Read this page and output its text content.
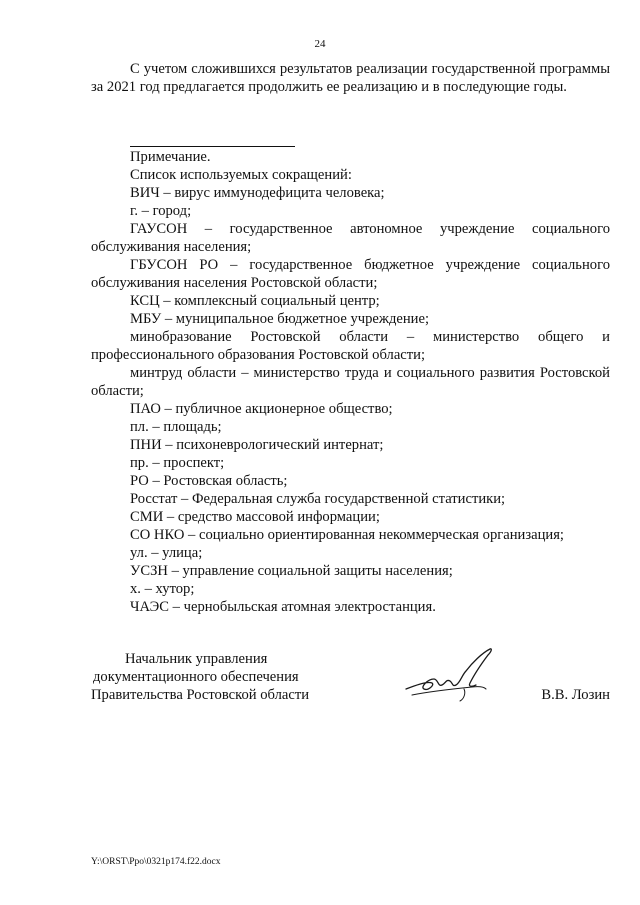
24

С учетом сложившихся результатов реализации государственной программы за 2021 год предлагается продолжить ее реализацию и в последующие годы.

Примечание.

Список используемых сокращений:

ВИЧ – вирус иммунодефицита человека;

г. – город;

ГАУСОН – государственное автономное учреждение социального обслуживания населения;

ГБУСОН РО – государственное бюджетное учреждение социального обслуживания населения Ростовской области;

КСЦ – комплексный социальный центр;

МБУ – муниципальное бюджетное учреждение;

минобразование Ростовской области – министерство общего и профессионального образования Ростовской области;

минтруд области – министерство труда и социального развития Ростовской области;

ПАО – публичное акционерное общество;

пл. – площадь;

ПНИ – психоневрологический интернат;

пр. – проспект;

РО – Ростовская область;

Росстат – Федеральная служба государственной статистики;

СМИ – средство массовой информации;

СО НКО – социально ориентированная некоммерческая организация;

ул. – улица;

УСЗН – управление социальной защиты населения;

х. – хутор;

ЧАЭС – чернобыльская атомная электростанция.

Начальник управления
документационного обеспечения
Правительства Ростовской области	В.В. Лозин
Y:\ORST\Ppo\0321p174.f22.docx
